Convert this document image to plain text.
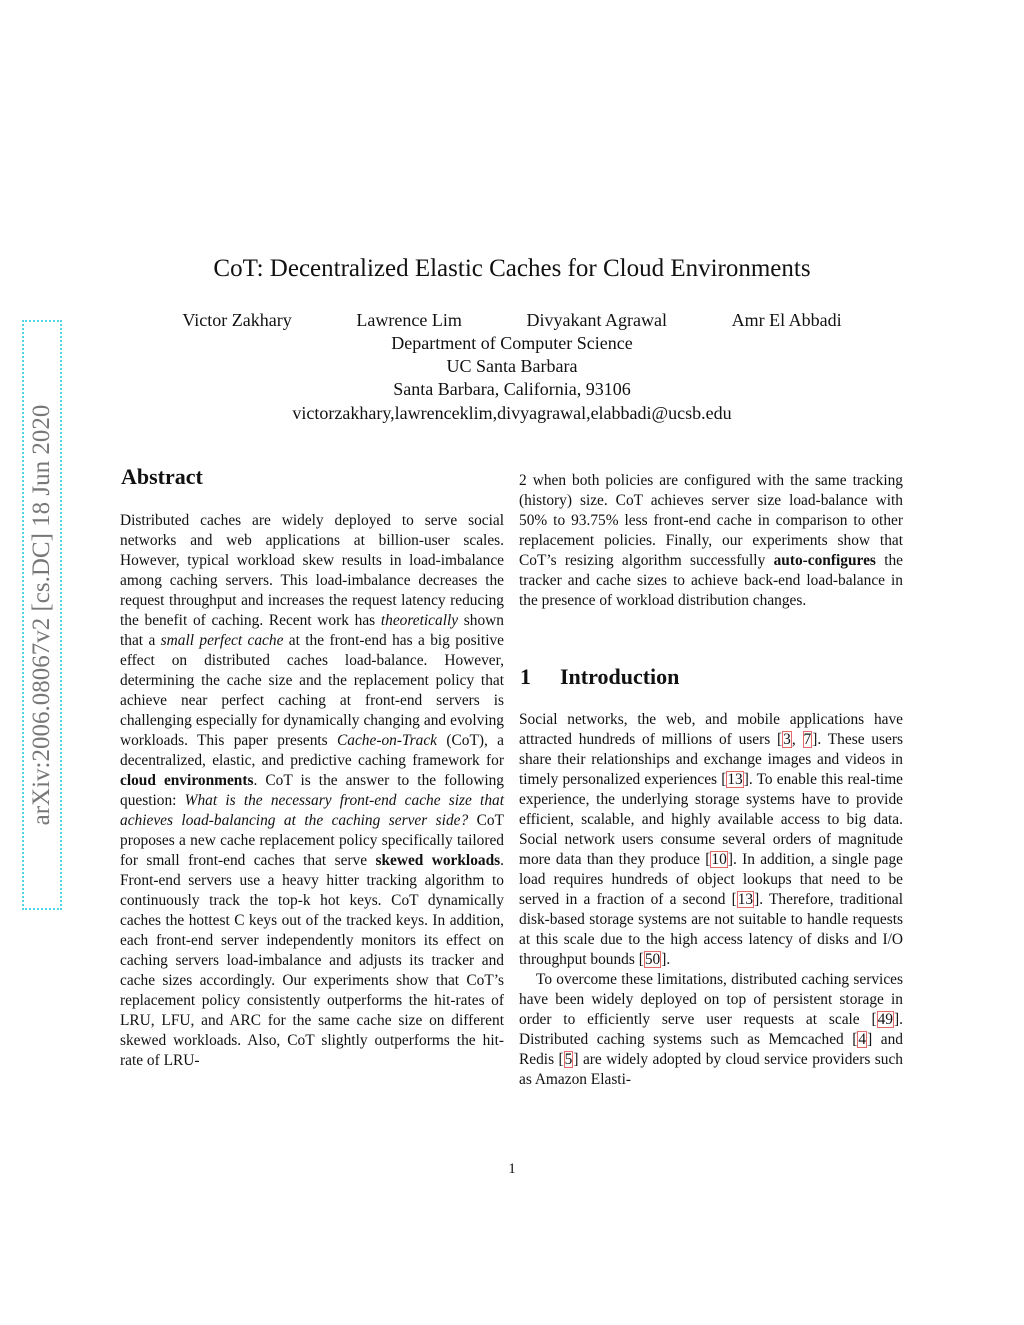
arXiv:2006.08067v2 [cs.DC] 18 Jun 2020
CoT: Decentralized Elastic Caches for Cloud Environments
Victor Zakhary	Lawrence Lim	Divyakant Agrawal	Amr El Abbadi
Department of Computer Science
UC Santa Barbara
Santa Barbara, California, 93106
victorzakhary,lawrenceklim,divyagrawal,elabbadi@ucsb.edu
Abstract

Distributed caches are widely deployed to serve social networks and web applications at billion-user scales. However, typical workload skew results in load-imbalance among caching servers. This load-imbalance decreases the request throughput and increases the request latency reducing the benefit of caching. Recent work has theoretically shown that a small perfect cache at the front-end has a big positive effect on distributed caches load-balance. However, determining the cache size and the replacement policy that achieve near perfect caching at front-end servers is challenging especially for dynamically changing and evolving workloads. This paper presents Cache-on-Track (CoT), a decentralized, elastic, and predictive caching framework for cloud environments. CoT is the answer to the following question: What is the necessary front-end cache size that achieves load-balancing at the caching server side? CoT proposes a new cache replacement policy specifically tailored for small front-end caches that serve skewed workloads. Front-end servers use a heavy hitter tracking algorithm to continuously track the top-k hot keys. CoT dynamically caches the hottest C keys out of the tracked keys. In addition, each front-end server independently monitors its effect on caching servers load-imbalance and adjusts its tracker and cache sizes accordingly. Our experiments show that CoT’s replacement policy consistently outperforms the hit-rates of LRU, LFU, and ARC for the same cache size on different skewed workloads. Also, CoT slightly outperforms the hit-rate of LRU-

2 when both policies are configured with the same tracking (history) size. CoT achieves server size load-balance with 50% to 93.75% less front-end cache in comparison to other replacement policies. Finally, our experiments show that CoT’s resizing algorithm successfully auto-configures the tracker and cache sizes to achieve back-end load-balance in the presence of workload distribution changes.

1 Introduction

Social networks, the web, and mobile applications have attracted hundreds of millions of users [3, 7]. These users share their relationships and exchange images and videos in timely personalized experiences [13]. To enable this real-time experience, the underlying storage systems have to provide efficient, scalable, and highly available access to big data. Social network users consume several orders of magnitude more data than they produce [10]. In addition, a single page load requires hundreds of object lookups that need to be served in a fraction of a second [13]. Therefore, traditional disk-based storage systems are not suitable to handle requests at this scale due to the high access latency of disks and I/O throughput bounds [50].

To overcome these limitations, distributed caching services have been widely deployed on top of persistent storage in order to efficiently serve user requests at scale [49]. Distributed caching systems such as Memcached [4] and Redis [5] are widely adopted by cloud service providers such as Amazon Elasti-

1
